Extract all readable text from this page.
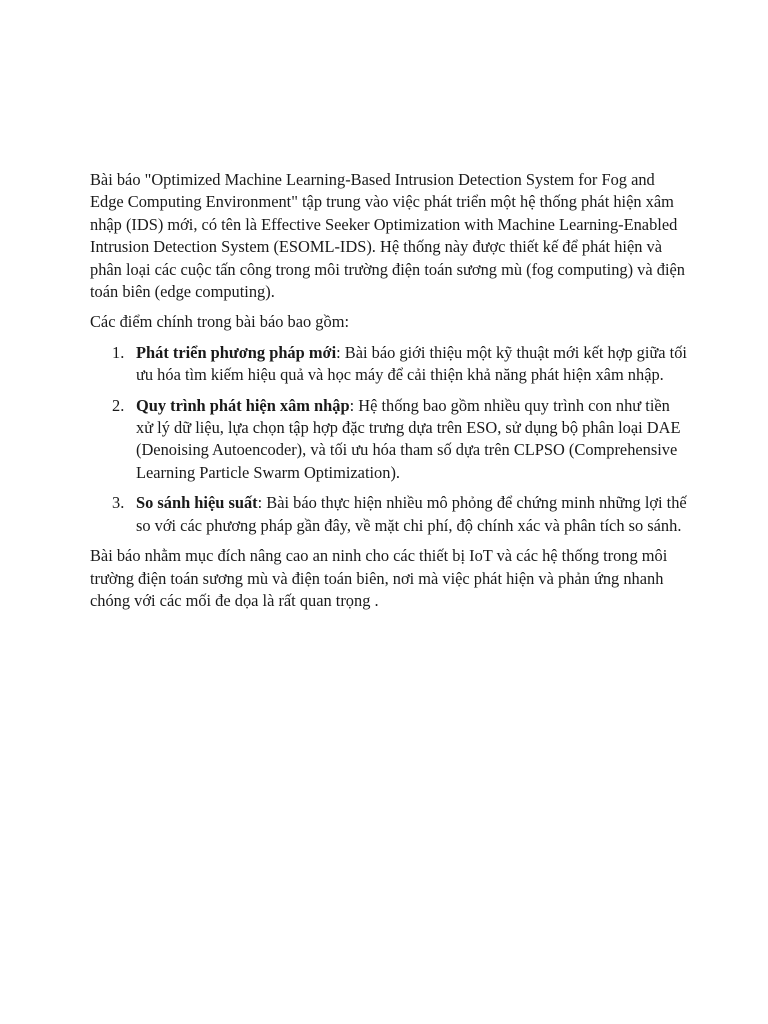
Bài báo "Optimized Machine Learning-Based Intrusion Detection System for Fog and Edge Computing Environment" tập trung vào việc phát triển một hệ thống phát hiện xâm nhập (IDS) mới, có tên là Effective Seeker Optimization with Machine Learning-Enabled Intrusion Detection System (ESOML-IDS). Hệ thống này được thiết kế để phát hiện và phân loại các cuộc tấn công trong môi trường điện toán sương mù (fog computing) và điện toán biên (edge computing).

Các điểm chính trong bài báo bao gồm:

1. Phát triển phương pháp mới: Bài báo giới thiệu một kỹ thuật mới kết hợp giữa tối ưu hóa tìm kiếm hiệu quả và học máy để cải thiện khả năng phát hiện xâm nhập.
2. Quy trình phát hiện xâm nhập: Hệ thống bao gồm nhiều quy trình con như tiền xử lý dữ liệu, lựa chọn tập hợp đặc trưng dựa trên ESO, sử dụng bộ phân loại DAE (Denoising Autoencoder), và tối ưu hóa tham số dựa trên CLPSO (Comprehensive Learning Particle Swarm Optimization).
3. So sánh hiệu suất: Bài báo thực hiện nhiều mô phỏng để chứng minh những lợi thế so với các phương pháp gần đây, về mặt chi phí, độ chính xác và phân tích so sánh.

Bài báo nhằm mục đích nâng cao an ninh cho các thiết bị IoT và các hệ thống trong môi trường điện toán sương mù và điện toán biên, nơi mà việc phát hiện và phản ứng nhanh chóng với các mối đe dọa là rất quan trọng .
